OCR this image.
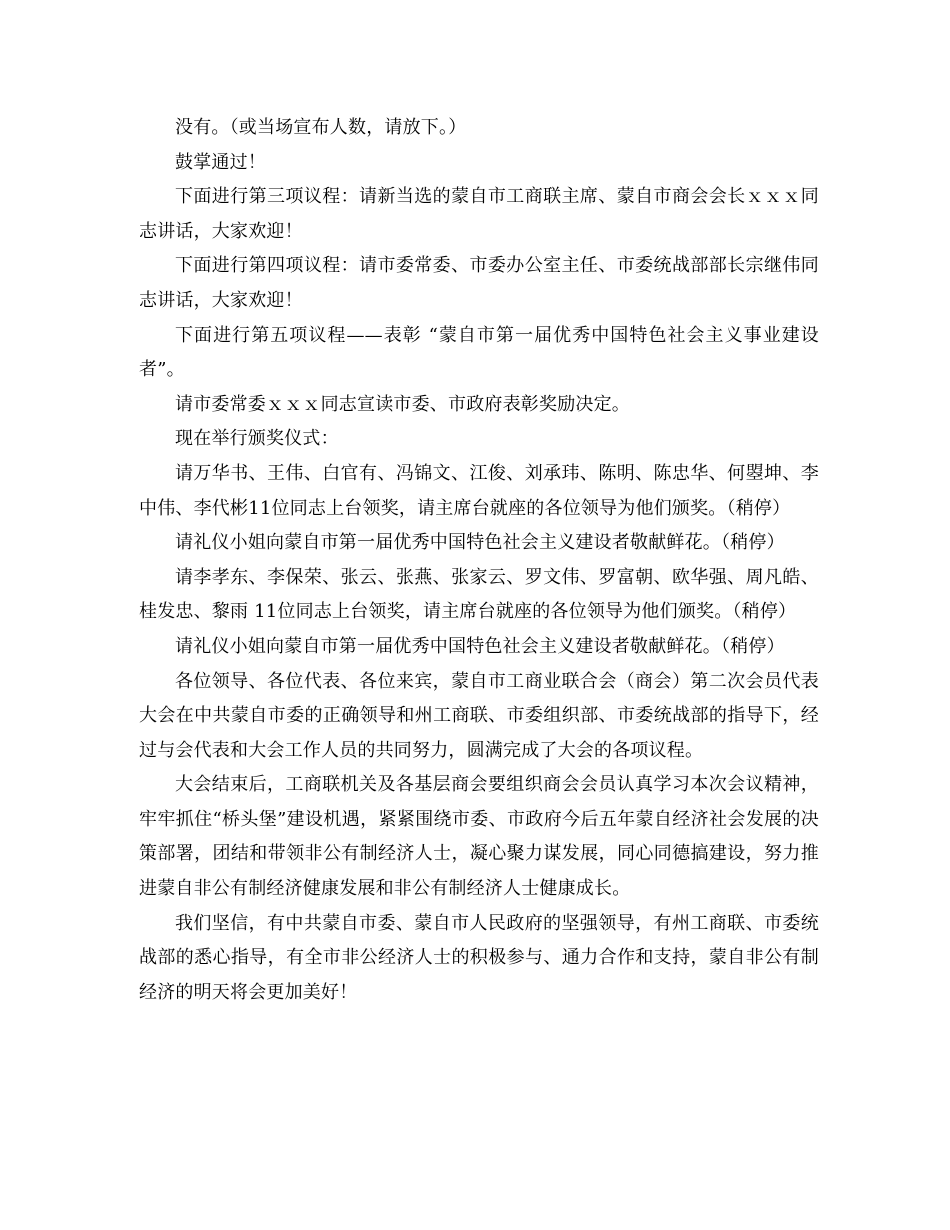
没有。（或当场宣布人数，请放下。）

鼓掌通过！

下面进行第三项议程：请新当选的蒙自市工商联主席、蒙自市商会会长ｘｘｘ同志讲话，大家欢迎！

下面进行第四项议程：请市委常委、市委办公室主任、市委统战部部长宗继伟同志讲话，大家欢迎！

下面进行第五项议程——表彰 “蒙自市第一届优秀中国特色社会主义事业建设者”。

请市委常委ｘｘｘ同志宣读市委、市政府表彰奖励决定。

现在举行颁奖仪式：

请万华书、王伟、白官有、冯锦文、江俊、刘承玮、陈明、陈忠华、何曌坤、李中伟、李代彬11位同志上台领奖，请主席台就座的各位领导为他们颁奖。（稍停）

请礼仪小姐向蒙自市第一届优秀中国特色社会主义建设者敬献鲜花。（稍停）

请李孝东、李保荣、张云、张燕、张家云、罗文伟、罗富朝、欧华强、周凡皓、桂发忠、黎雨 11位同志上台领奖，请主席台就座的各位领导为他们颁奖。（稍停）

请礼仪小姐向蒙自市第一届优秀中国特色社会主义建设者敬献鲜花。（稍停）

各位领导、各位代表、各位来宾，蒙自市工商业联合会（商会）第二次会员代表大会在中共蒙自市委的正确领导和州工商联、市委组织部、市委统战部的指导下，经过与会代表和大会工作人员的共同努力，圆满完成了大会的各项议程。

大会结束后，工商联机关及各基层商会要组织商会会员认真学习本次会议精神，牢牢抓住“桥头堡”建设机遇，紧紧围绕市委、市政府今后五年蒙自经济社会发展的决策部署，团结和带领非公有制经济人士，凝心聚力谋发展，同心同德搞建设，努力推进蒙自非公有制经济健康发展和非公有制经济人士健康成长。

我们坚信，有中共蒙自市委、蒙自市人民政府的坚强领导，有州工商联、市委统战部的悉心指导，有全市非公经济人士的积极参与、通力合作和支持，蒙自非公有制经济的明天将会更加美好！
